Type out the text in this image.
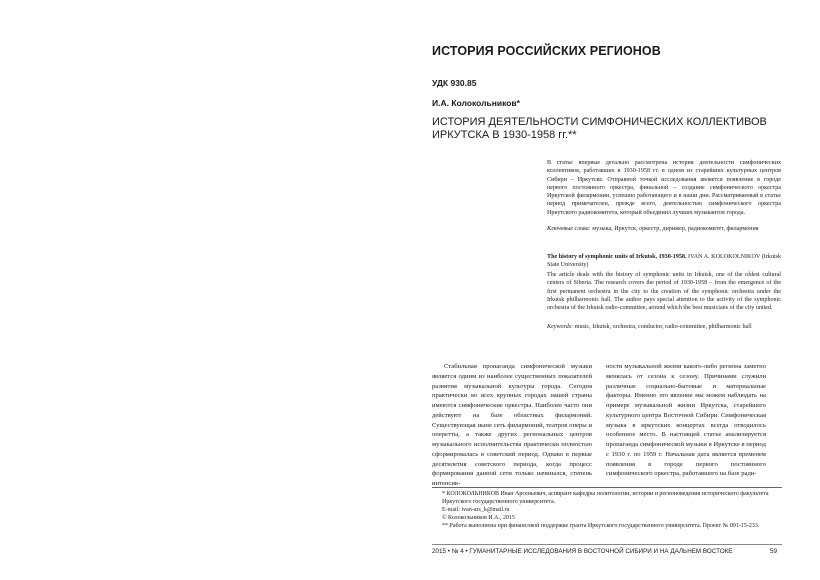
ИСТОРИЯ РОССИЙСКИХ РЕГИОНОВ
УДК 930.85
И.А. Колокольников*
ИСТОРИЯ ДЕЯТЕЛЬНОСТИ СИМФОНИЧЕСКИХ КОЛЛЕКТИВОВ ИРКУТСКА В 1930-1958 гг.**
В статье впервые детально рассмотрена история деятельности симфонических коллективов, работавших в 1930-1958 гг. в одном из старейших культурных центров Сибири – Иркутске. Отправной точкой исследования является появление в городе первого постоянного оркестра, финальной – создание симфонического оркестра Иркутской филармонии, успешно работающего и в наши дни. Рассматриваемый в статье период примечателен, прежде всего, деятельностью симфонического оркестра Иркутского радиокомитета, который объединил лучших музыкантов города.
Ключевые слова: музыка, Иркутск, оркестр, дирижер, радиокомитет, филармония
The history of symphonic units of Irkutsk, 1930-1958. IVAN A. KOLOKOLNIKOV (Irkutsk State University)
The article deals with the history of symphonic units in Irkutsk, one of the oldest cultural centers of Siberia. The research covers the period of 1930-1958 – from the emergence of the first permanent orchestra in the city to the creation of the symphonic orchestra under the Irkutsk philharmonic hall. The author pays special attention to the activity of the symphonic orchestra of the Irkutsk radio-committee, around which the best musicians of the city united.
Keywords: music, Irkutsk, orchestra, conductor, radio-committee, philharmonic hall

Стабильная пропаганда симфонической музыки является одним из наиболее существенных показателей развития музыкальной культуры города. Сегодня практически во всех крупных городах нашей страны имеются симфонические оркестры. Наиболее часто они действуют на базе областных филармоний. Существующая ныне сеть филармоний, театров оперы и оперетты, а также других региональных центров музыкального исполнительства практически полностью сформировалась в советский период. Однако в первые десятилетия советского периода, когда процесс формирования данной сети только начинался, степень интенсив-

ности музыкальной жизни какого-либо региона заметно менялась от сезона к сезону. Причинами служили различные социально-бытовые и материальные факторы. Именно это явление мы можем наблюдать на примере музыкальной жизни Иркутска, старейшего культурного центра Восточной Сибири. Симфоническая музыка в иркутских концертах всегда отводилось особенное место. В настоящей статье анализируется пропаганда симфонической музыки в Иркутске в период с 1930 г. по 1959 г. Начальная дата является временем появления в городе первого постоянного симфонического оркестра, работавшего на базе ради-

* КОЛОКОЛЬНИКОВ Иван Арсеньевич, аспирант кафедры политологии, истории и регионоведения исторического факультета Иркутского государственного университета.
E-mail: ivan-ars_k@mail.ru
© Колокольников И.А., 2015
** Работа выполнена при финансовой поддержке гранта Иркутского государственного университета. Проект № 091-15-233.
2015 • № 4 • ГУМАНИТАРНЫЕ ИССЛЕДОВАНИЯ В ВОСТОЧНОЙ СИБИРИ И НА ДАЛЬНЕМ ВОСТОКЕ	59
